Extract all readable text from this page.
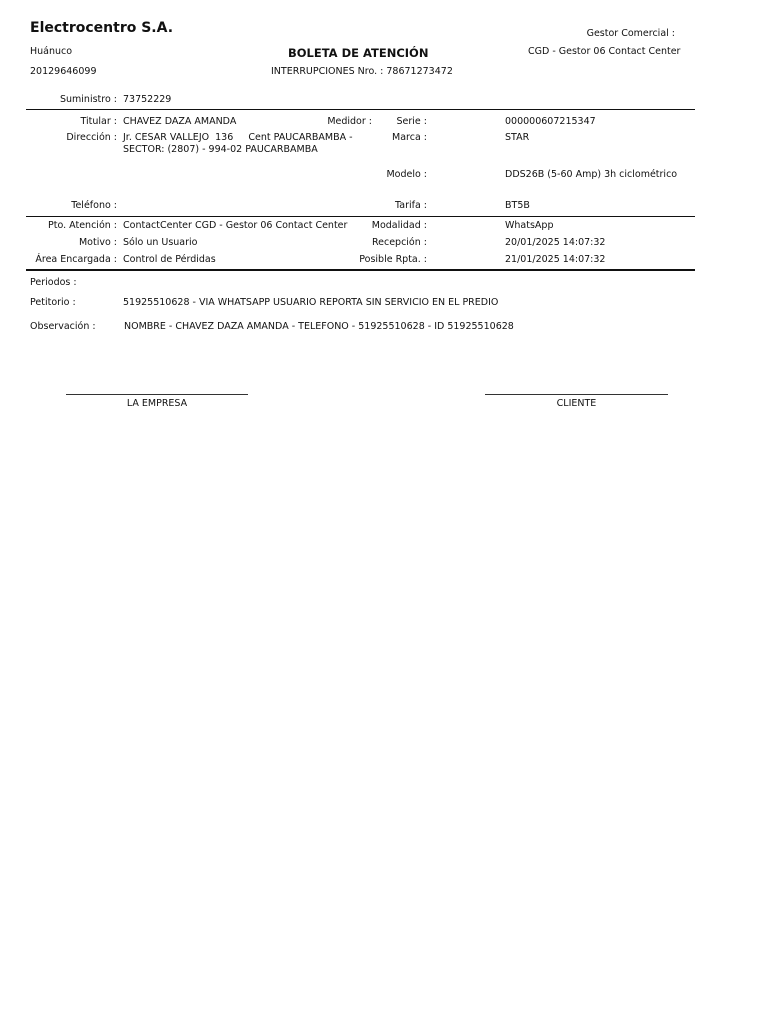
Electrocentro S.A.
Huánuco
20129646099
BOLETA DE ATENCIÓN
INTERRUPCIONES Nro. : 78671273472
Gestor Comercial :
CGD - Gestor 06 Contact Center
Suministro : 73752229
Titular : CHAVEZ DAZA AMANDA	Medidor :	Serie :	000000607215347
Dirección : Jr. CESAR VALLEJO  136     Cent PAUCARBAMBA -
SECTOR: (2807) - 994-02 PAUCARBAMBA
Marca :	STAR
Modelo :	DDS26B (5-60 Amp) 3h ciclométrico
Teléfono :	Tarifa :	BT5B
Pto. Atención : ContactCenter CGD - Gestor 06 Contact Center	Modalidad :	WhatsApp
Motivo : Sólo un Usuario	Recepción :	20/01/2025 14:07:32
Área Encargada : Control de Pérdidas	Posible Rpta. :	21/01/2025 14:07:32
Periodos :
Petitorio :	51925510628 - VIA WHATSAPP USUARIO REPORTA SIN SERVICIO EN EL PREDIO
Observación :	NOMBRE - CHAVEZ DAZA AMANDA - TELEFONO - 51925510628 - ID 51925510628
LA EMPRESA	CLIENTE
